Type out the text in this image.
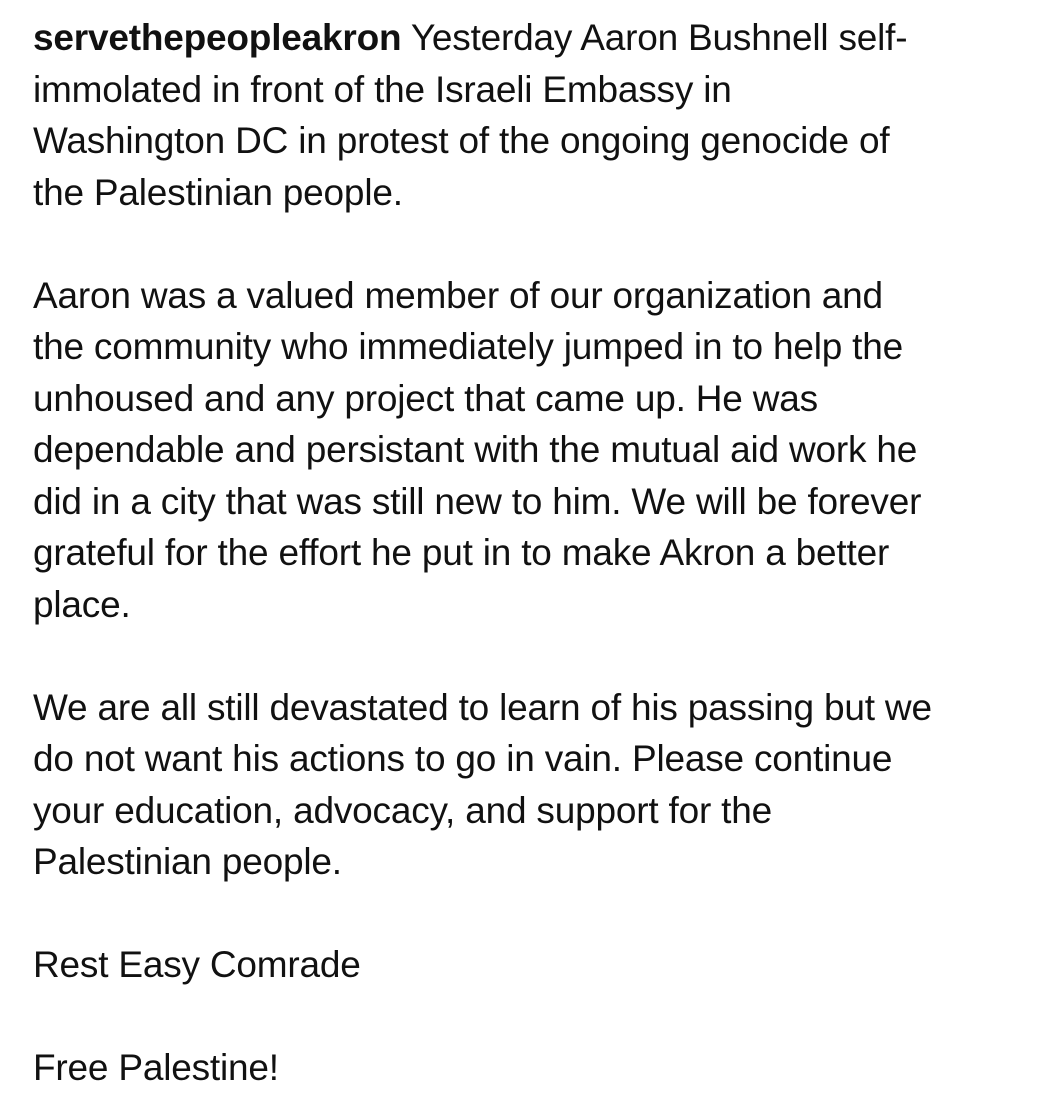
servethepeopleakron Yesterday Aaron Bushnell self-
immolated in front of the Israeli Embassy in
Washington DC in protest of the ongoing genocide of
the Palestinian people.

Aaron was a valued member of our organization and
the community who immediately jumped in to help the
unhoused and any project that came up. He was
dependable and persistant with the mutual aid work he
did in a city that was still new to him. We will be forever
grateful for the effort he put in to make Akron a better
place.

We are all still devastated to learn of his passing but we
do not want his actions to go in vain. Please continue
your education, advocacy, and support for the
Palestinian people.

Rest Easy Comrade

Free Palestine!
